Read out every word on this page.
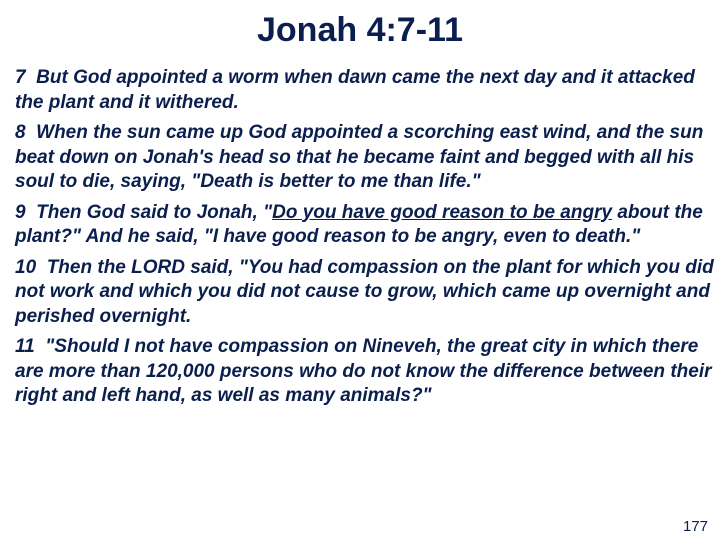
Jonah 4:7-11

7 But God appointed a worm when dawn came the next day and it attacked the plant and it withered.

8 When the sun came up God appointed a scorching east wind, and the sun beat down on Jonah's head so that he became faint and begged with all his soul to die, saying, "Death is better to me than life."

9 Then God said to Jonah, "Do you have good reason to be angry about the plant?" And he said, "I have good reason to be angry, even to death."

10 Then the LORD said, "You had compassion on the plant for which you did not work and which you did not cause to grow, which came up overnight and perished overnight.

11 "Should I not have compassion on Nineveh, the great city in which there are more than 120,000 persons who do not know the difference between their right and left hand, as well as many animals?"

177
